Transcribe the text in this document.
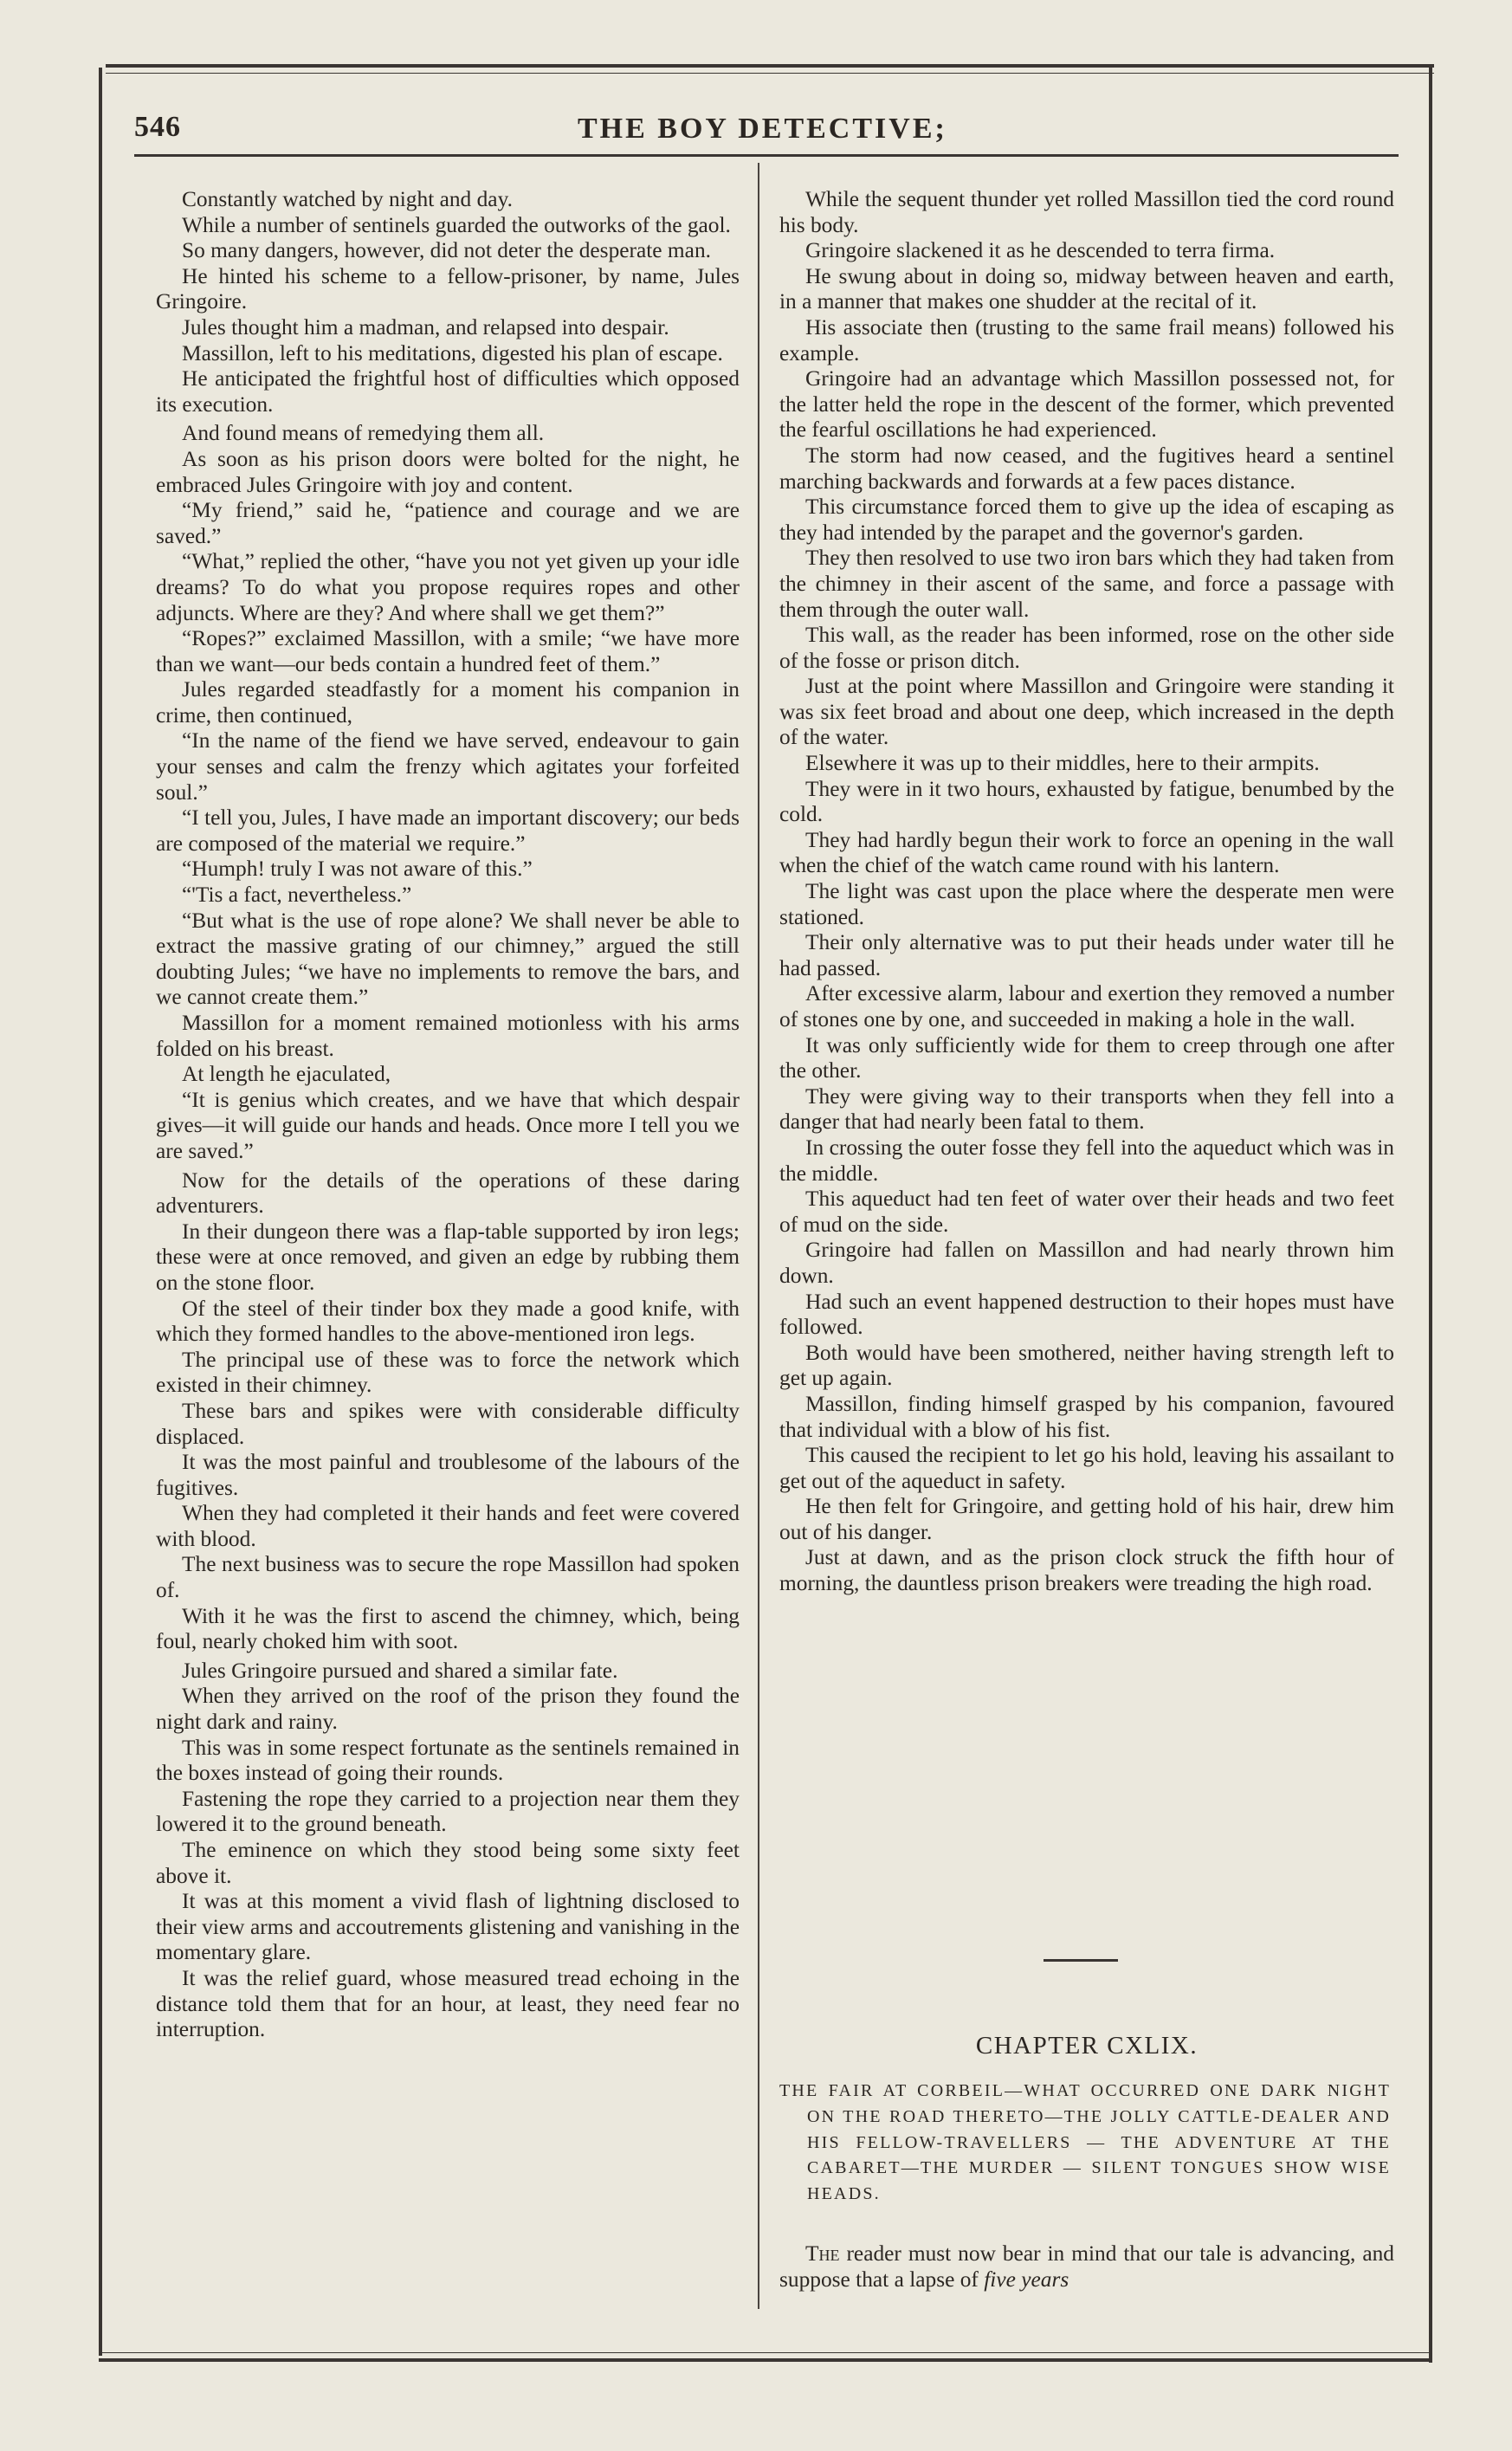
546	THE BOY DETECTIVE;

Constantly watched by night and day.

While a number of sentinels guarded the outworks of the gaol.

So many dangers, however, did not deter the desperate man.

He hinted his scheme to a fellow-prisoner, by name, Jules Gringoire.

Jules thought him a madman, and relapsed into despair.

Massillon, left to his meditations, digested his plan of escape.

He anticipated the frightful host of difficulties which opposed its execution.

And found means of remedying them all.

As soon as his prison doors were bolted for the night, he embraced Jules Gringoire with joy and content.

“My friend,” said he, “patience and courage and we are saved.”

“What,” replied the other, “have you not yet given up your idle dreams? To do what you propose requires ropes and other adjuncts. Where are they? And where shall we get them?”

“Ropes?” exclaimed Massillon, with a smile; “we have more than we want—our beds contain a hundred feet of them.”

Jules regarded steadfastly for a moment his companion in crime, then continued,

“In the name of the fiend we have served, endeavour to gain your senses and calm the frenzy which agitates your forfeited soul.”

“I tell you, Jules, I have made an important discovery; our beds are composed of the material we require.”

“Humph! truly I was not aware of this.”

“'Tis a fact, nevertheless.”

“But what is the use of rope alone? We shall never be able to extract the massive grating of our chimney,” argued the still doubting Jules; “we have no implements to remove the bars, and we cannot create them.”

Massillon for a moment remained motionless with his arms folded on his breast.

At length he ejaculated,

“It is genius which creates, and we have that which despair gives—it will guide our hands and heads. Once more I tell you we are saved.”

Now for the details of the operations of these daring adventurers.

In their dungeon there was a flap-table supported by iron legs; these were at once removed, and given an edge by rubbing them on the stone floor.

Of the steel of their tinder box they made a good knife, with which they formed handles to the above-mentioned iron legs.

The principal use of these was to force the network which existed in their chimney.

These bars and spikes were with considerable difficulty displaced.

It was the most painful and troublesome of the labours of the fugitives.

When they had completed it their hands and feet were covered with blood.

The next business was to secure the rope Massillon had spoken of.

With it he was the first to ascend the chimney, which, being foul, nearly choked him with soot.

Jules Gringoire pursued and shared a similar fate.

When they arrived on the roof of the prison they found the night dark and rainy.

This was in some respect fortunate as the sentinels remained in the boxes instead of going their rounds.

Fastening the rope they carried to a projection near them they lowered it to the ground beneath.

The eminence on which they stood being some sixty feet above it.

It was at this moment a vivid flash of lightning disclosed to their view arms and accoutrements glistening and vanishing in the momentary glare.

It was the relief guard, whose measured tread echoing in the distance told them that for an hour, at least, they need fear no interruption.

While the sequent thunder yet rolled Massillon tied the cord round his body.

Gringoire slackened it as he descended to terra firma.

He swung about in doing so, midway between heaven and earth, in a manner that makes one shudder at the recital of it.

His associate then (trusting to the same frail means) followed his example.

Gringoire had an advantage which Massillon possessed not, for the latter held the rope in the descent of the former, which prevented the fearful oscillations he had experienced.

The storm had now ceased, and the fugitives heard a sentinel marching backwards and forwards at a few paces distance.

This circumstance forced them to give up the idea of escaping as they had intended by the parapet and the governor's garden.

They then resolved to use two iron bars which they had taken from the chimney in their ascent of the same, and force a passage with them through the outer wall.

This wall, as the reader has been informed, rose on the other side of the fosse or prison ditch.

Just at the point where Massillon and Gringoire were standing it was six feet broad and about one deep, which increased in the depth of the water.

Elsewhere it was up to their middles, here to their armpits.

They were in it two hours, exhausted by fatigue, benumbed by the cold.

They had hardly begun their work to force an opening in the wall when the chief of the watch came round with his lantern.

The light was cast upon the place where the desperate men were stationed.

Their only alternative was to put their heads under water till he had passed.

After excessive alarm, labour and exertion they removed a number of stones one by one, and succeeded in making a hole in the wall.

It was only sufficiently wide for them to creep through one after the other.

They were giving way to their transports when they fell into a danger that had nearly been fatal to them.

In crossing the outer fosse they fell into the aqueduct which was in the middle.

This aqueduct had ten feet of water over their heads and two feet of mud on the side.

Gringoire had fallen on Massillon and had nearly thrown him down.

Had such an event happened destruction to their hopes must have followed.

Both would have been smothered, neither having strength left to get up again.

Massillon, finding himself grasped by his companion, favoured that individual with a blow of his fist.

This caused the recipient to let go his hold, leaving his assailant to get out of the aqueduct in safety.

He then felt for Gringoire, and getting hold of his hair, drew him out of his danger.

Just at dawn, and as the prison clock struck the fifth hour of morning, the dauntless prison breakers were treading the high road.

CHAPTER CXLIX.
THE FAIR AT CORBEIL—WHAT OCCURRED ONE DARK NIGHT ON THE ROAD THERETO—THE JOLLY CATTLE-DEALER AND HIS FELLOW-TRAVELLERS — THE ADVENTURE AT THE CABARET—THE MURDER — SILENT TONGUES SHOW WISE HEADS.
The reader must now bear in mind that our tale is advancing, and suppose that a lapse of five years
